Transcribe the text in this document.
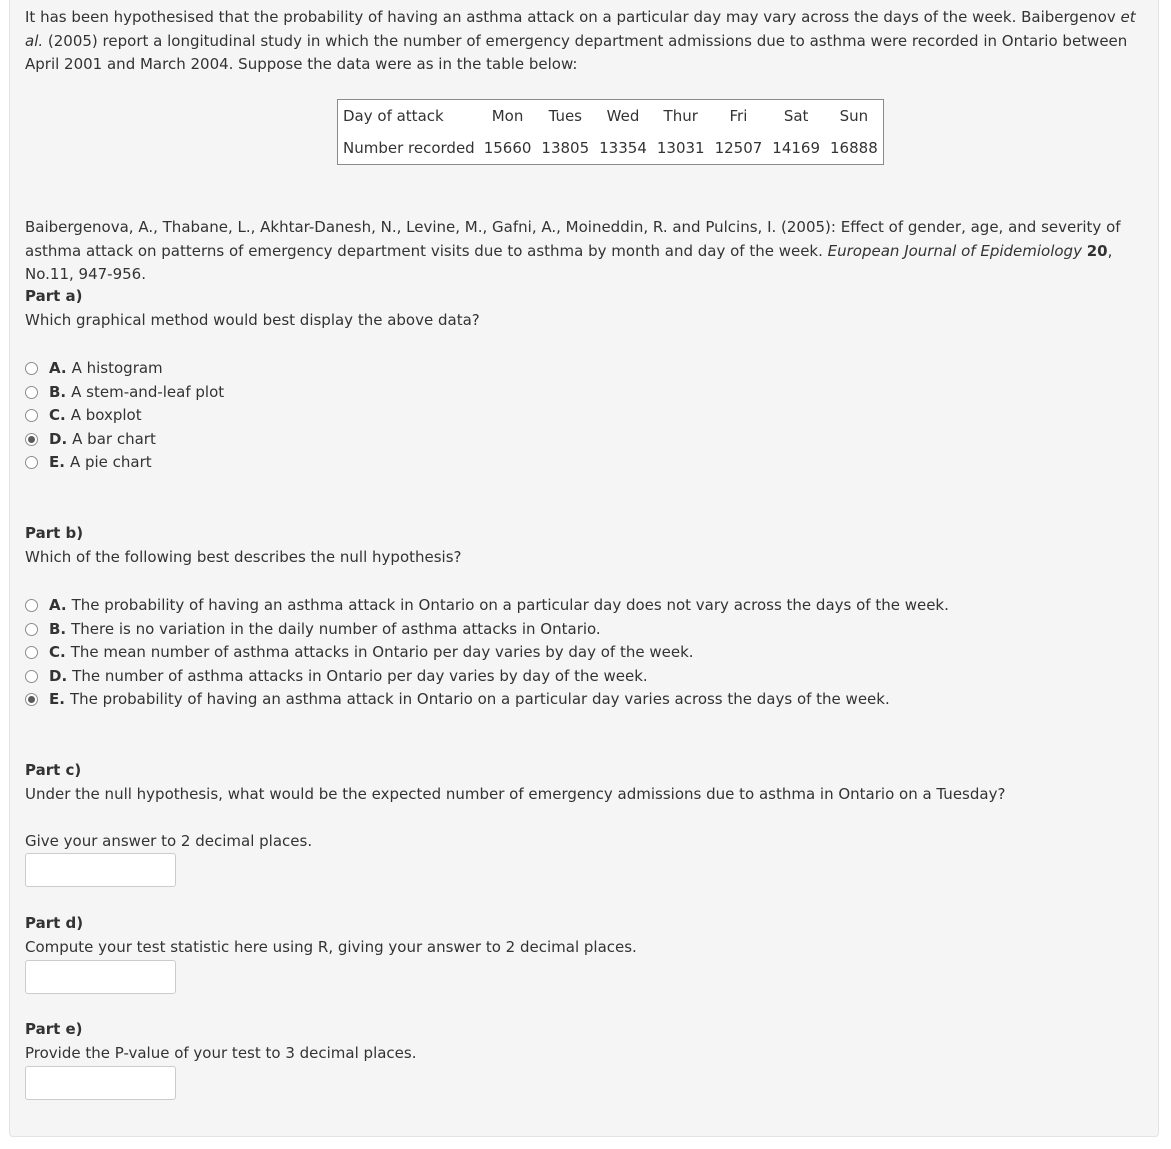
It has been hypothesised that the probability of having an asthma attack on a particular day may vary across the days of the week. Baibergenov et al. (2005) report a longitudinal study in which the number of emergency department admissions due to asthma were recorded in Ontario between April 2001 and March 2004. Suppose the data were as in the table below:
Day of attack	Mon	Tues	Wed	Thur	Fri	Sat	Sun
Number recorded	15660	13805	13354	13031	12507	14169	16888
Baibergenova, A., Thabane, L., Akhtar-Danesh, N., Levine, M., Gafni, A., Moineddin, R. and Pulcins, I. (2005): Effect of gender, age, and severity of asthma attack on patterns of emergency department visits due to asthma by month and day of the week. European Journal of Epidemiology 20, No.11, 947-956.
Part a)
Which graphical method would best display the above data?
A. A histogram
B. A stem-and-leaf plot
C. A boxplot
D. A bar chart
E. A pie chart
Part b)
Which of the following best describes the null hypothesis?
A. The probability of having an asthma attack in Ontario on a particular day does not vary across the days of the week.
B. There is no variation in the daily number of asthma attacks in Ontario.
C. The mean number of asthma attacks in Ontario per day varies by day of the week.
D. The number of asthma attacks in Ontario per day varies by day of the week.
E. The probability of having an asthma attack in Ontario on a particular day varies across the days of the week.
Part c)
Under the null hypothesis, what would be the expected number of emergency admissions due to asthma in Ontario on a Tuesday?
Give your answer to 2 decimal places.
Part d)
Compute your test statistic here using R, giving your answer to 2 decimal places.
Part e)
Provide the P-value of your test to 3 decimal places.
